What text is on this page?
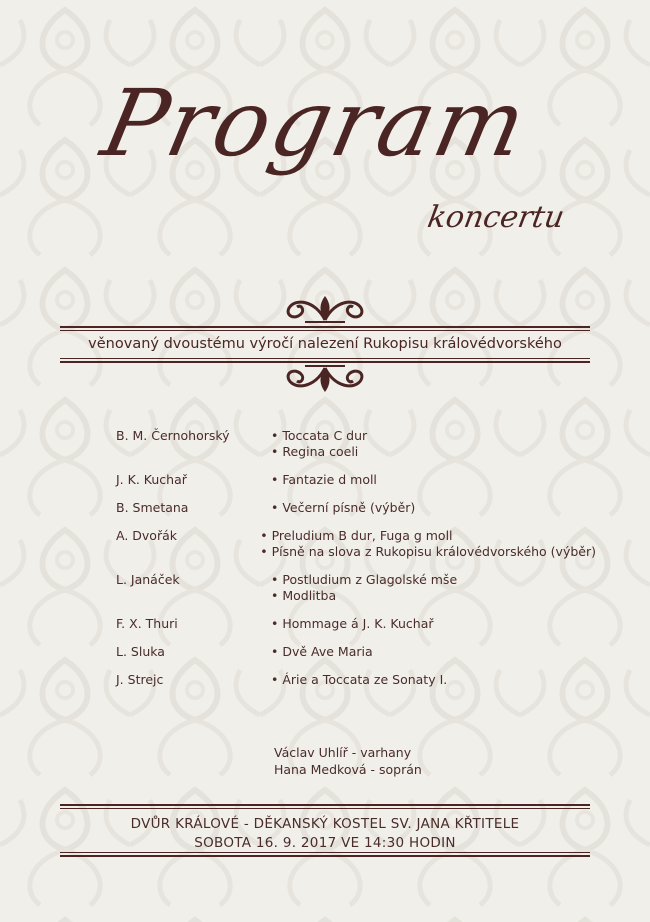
Program
koncertu
věnovaný dvoustému výročí nalezení Rukopisu královédvorského
B. M. Černohorský	• Toccata C dur
• Regina coeli
J. K. Kuchař	• Fantazie d moll
B. Smetana	• Večerní písně (výběr)
A. Dvořák	• Preludium B dur, Fuga g moll
• Písně na slova z Rukopisu královédvorského (výběr)
L. Janáček	• Postludium z Glagolské mše
• Modlitba
F. X. Thuri	• Hommage á J. K. Kuchař
L. Sluka	• Dvě Ave Maria
J. Strejc	• Árie a Toccata ze Sonaty I.
Václav Uhlíř - varhany
Hana Medková - soprán
DVŮR KRÁLOVÉ - DĚKANSKÝ KOSTEL SV. JANA KŘTITELE
SOBOTA 16. 9. 2017 VE 14:30 HODIN
